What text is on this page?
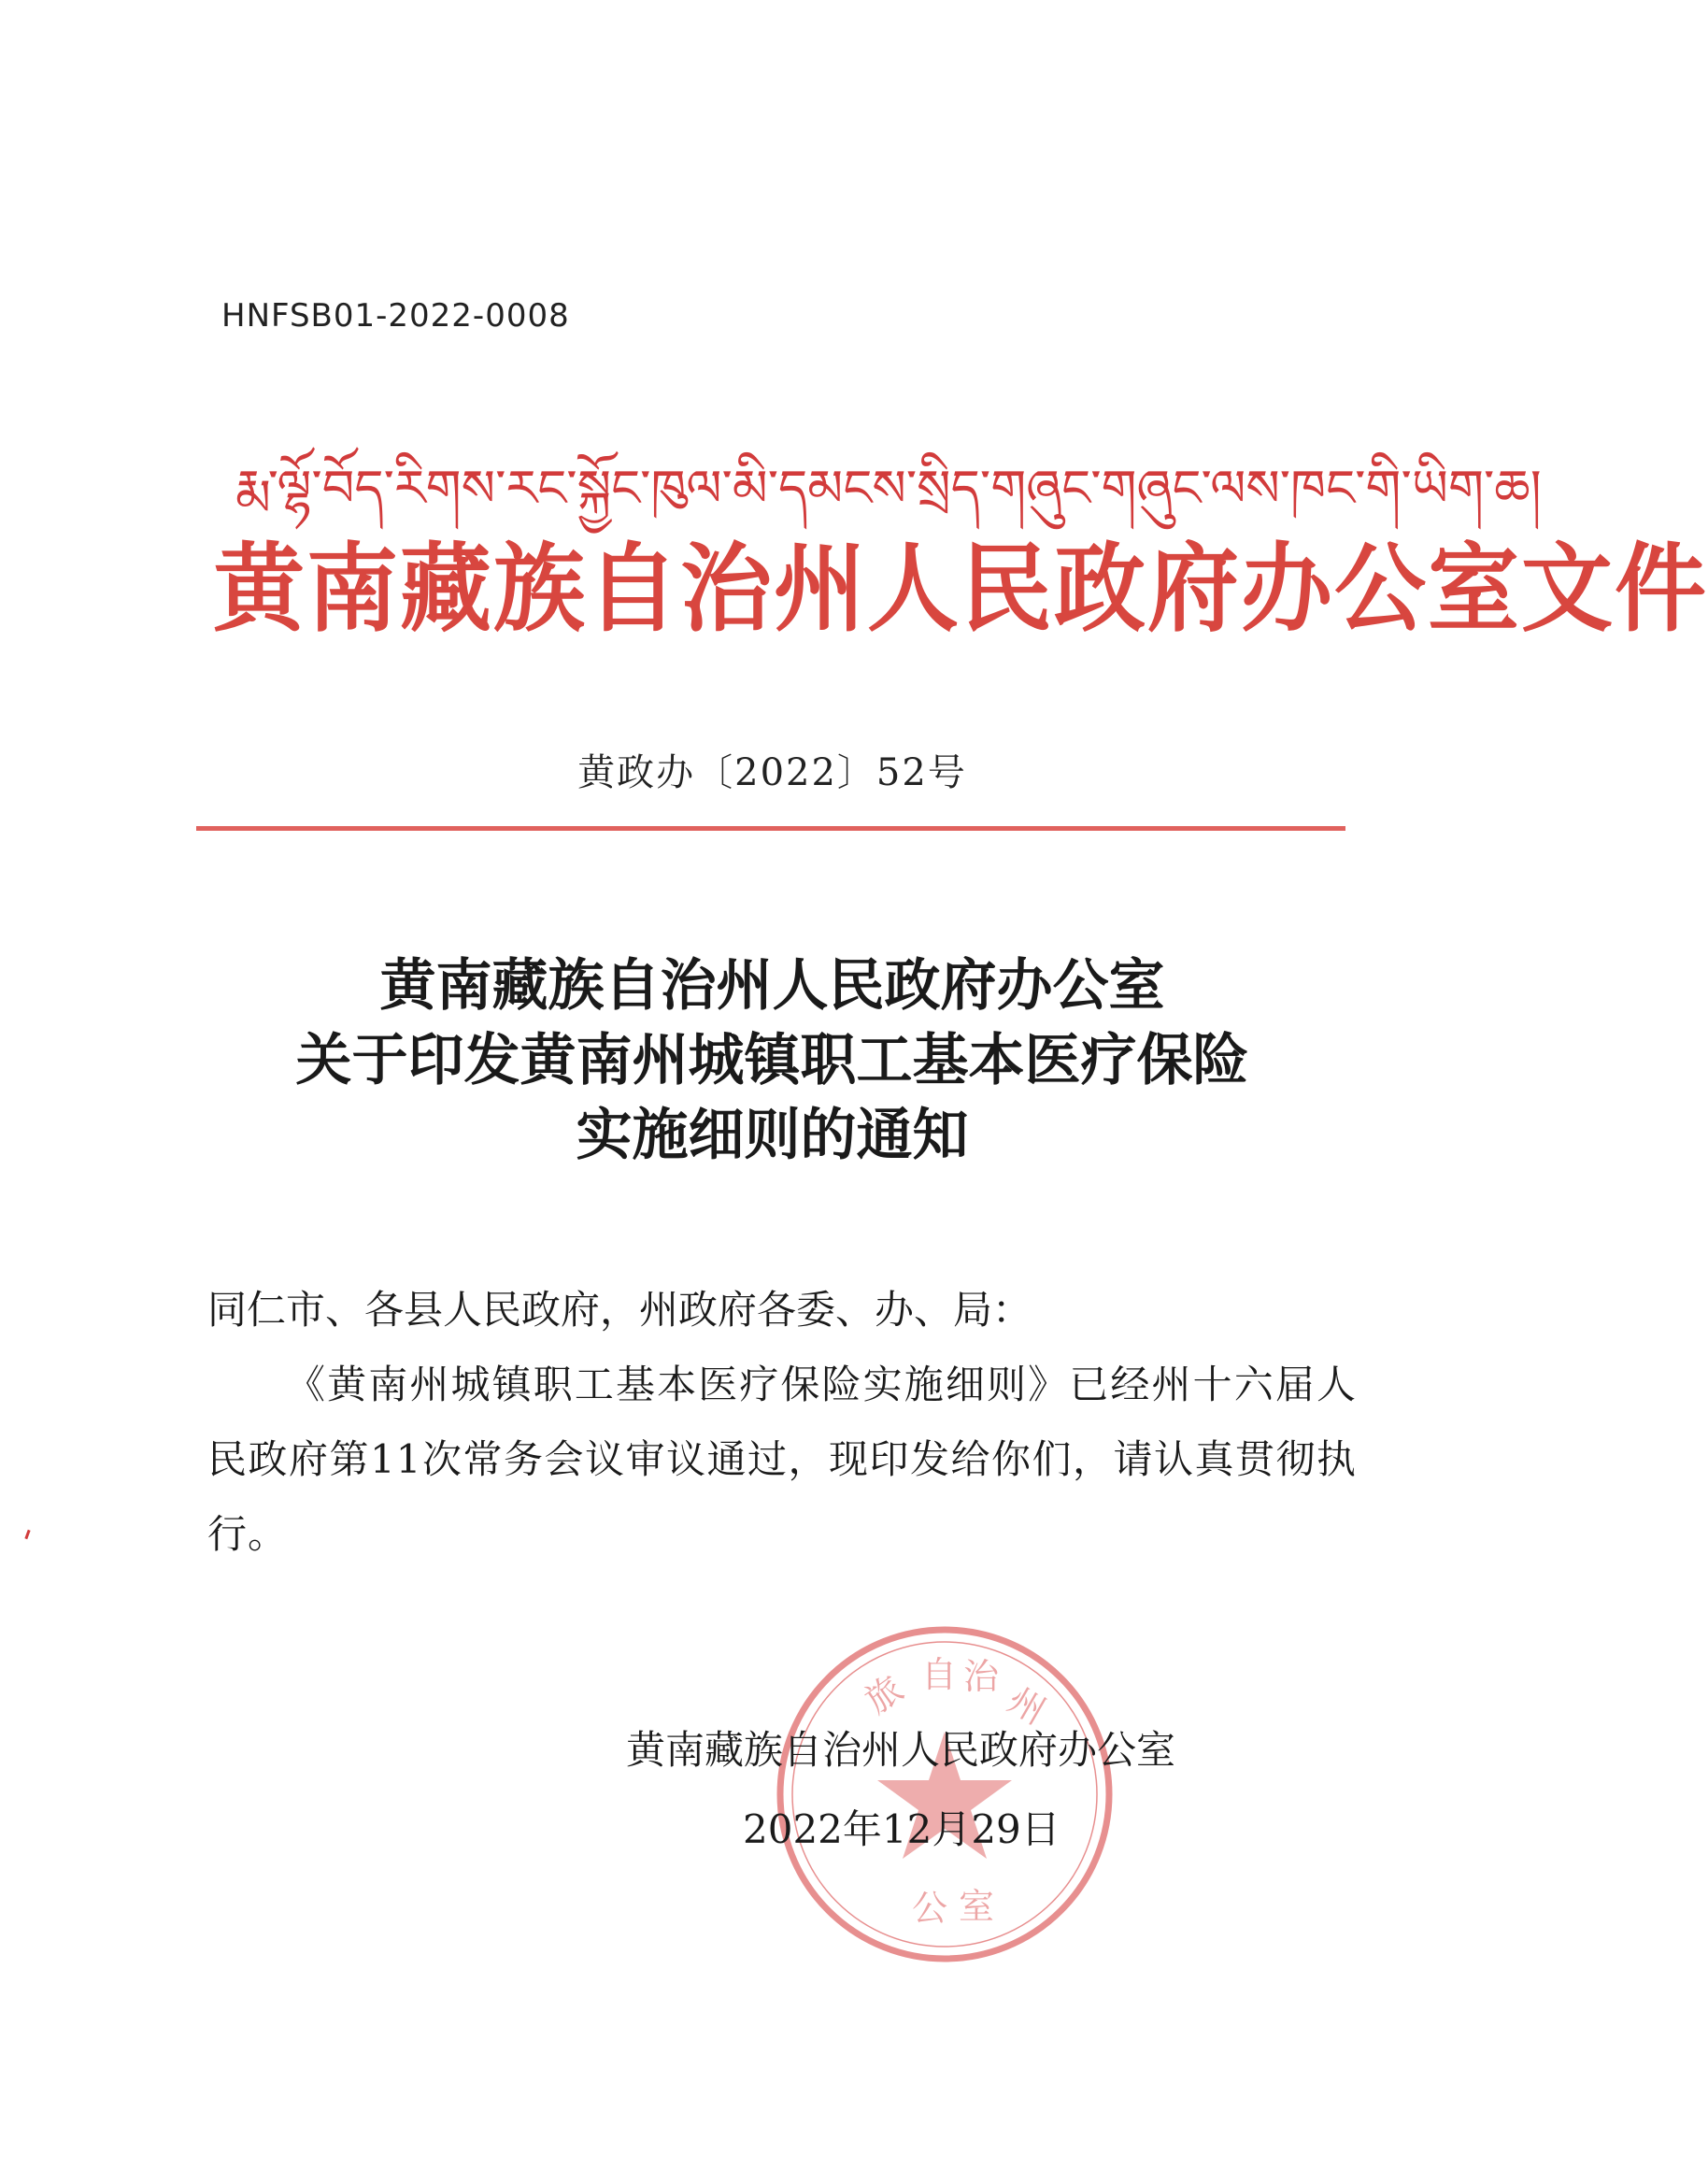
HNFSB01-2022-0008
རྨ་ལྷོ་བོད་རིགས་རང་སྐྱོང་ཁུལ་མི་དམངས་སྲིད་གཞུང་གཞུང་ལས་ཁང་གི་ཡིག་ཆ།
黄南藏族自治州人民政府办公室文件
黄政办〔2022〕52号
黄南藏族自治州人民政府办公室
关于印发黄南州城镇职工基本医疗保险
实施细则的通知
同仁市、各县人民政府，州政府各委、办、局：
《黄南州城镇职工基本医疗保险实施细则》已经州十六届人民政府第11次常务会议审议通过，现印发给你们，请认真贯彻执行。
旅 自 治
州
公 室
黄南藏族自治州人民政府办公室
2022年12月29日
